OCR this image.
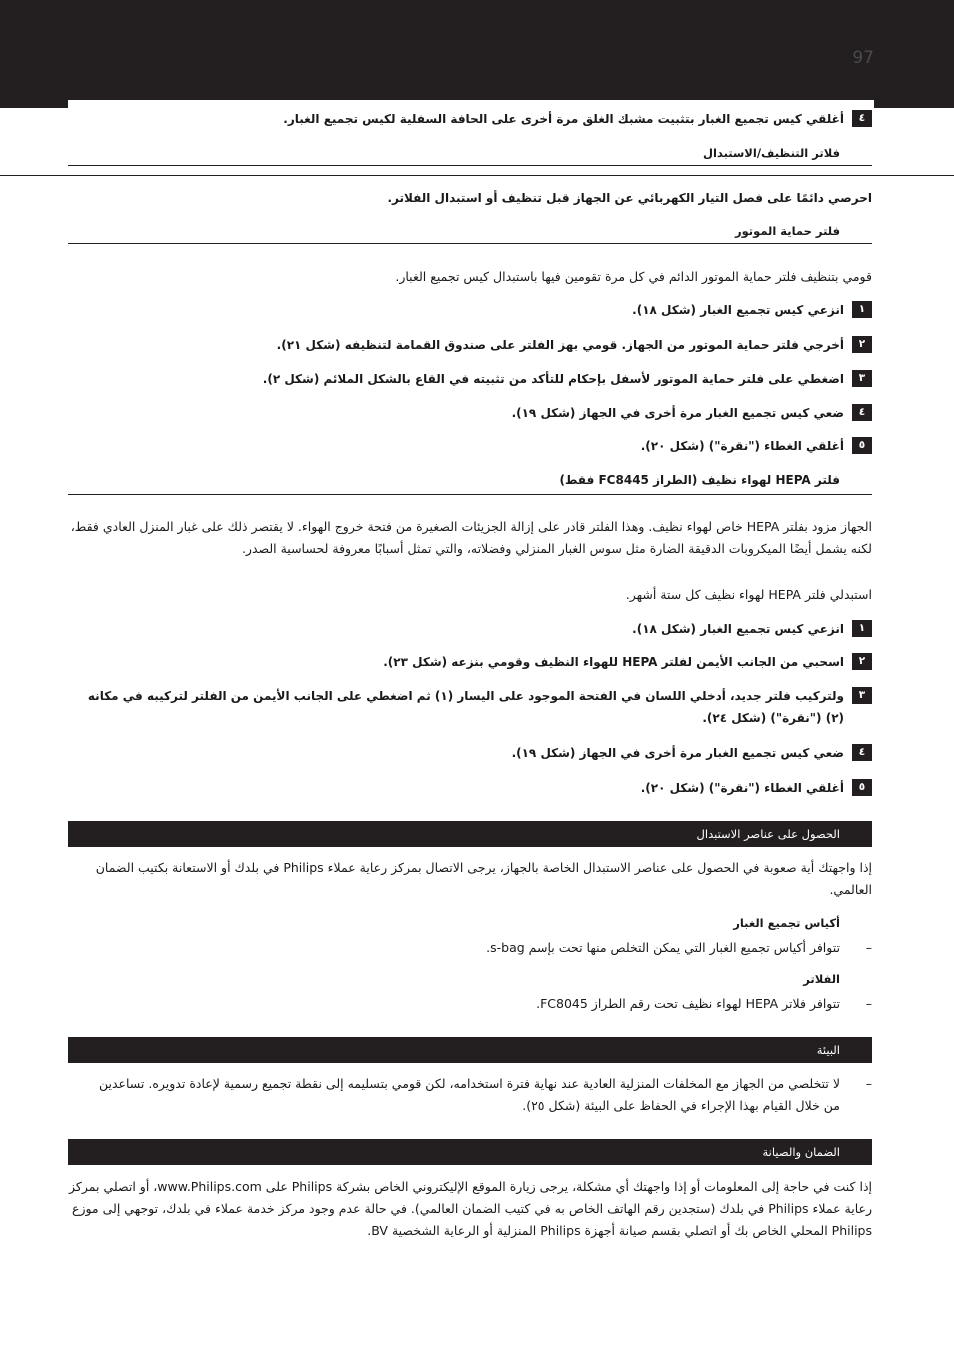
97
٤
أغلقي كيس تجميع الغبار بتثبيت مشبك الغلق مرة أخرى على الحافة السفلية لكيس تجميع الغبار.
فلاتر التنظيف/الاستبدال
احرصي دائمًا على فصل التيار الكهربائي عن الجهاز قبل تنظيف أو استبدال الفلاتر.
فلتر حماية الموتور
قومي بتنظيف فلتر حماية الموتور الدائم في كل مرة تقومين فيها باستبدال كيس تجميع الغبار.
١
انزعي كيس تجميع الغبار (شكل ١٨).
٢
أخرجي فلتر حماية الموتور من الجهاز. قومي بهز الفلتر على صندوق القمامة لتنظيفه (شكل ٢١).
٣
اضغطي على فلتر حماية الموتور لأسفل بإحكام للتأكد من تثبيته في القاع بالشكل الملائم (شكل ٢).
٤
ضعي كيس تجميع الغبار مرة أخرى في الجهاز (شكل ١٩).
٥
أغلقي الغطاء ("نقرة") (شكل ٢٠).
فلتر HEPA لهواء نظيف (الطراز FC8445 فقط)
الجهاز مزود بفلتر HEPA خاص لهواء نظيف. وهذا الفلتر قادر على إزالة الجزيئات الصغيرة من فتحة خروج الهواء. لا يقتصر ذلك على غبار المنزل العادي فقط، لكنه يشمل أيضًا الميكروبات الدقيقة الضارة مثل سوس الغبار المنزلي وفضلاته، والتي تمثل أسبابًا معروفة لحساسية الصدر.
استبدلي فلتر HEPA لهواء نظيف كل ستة أشهر.
١
انزعي كيس تجميع الغبار (شكل ١٨).
٢
اسحبي من الجانب الأيمن لفلتر HEPA للهواء النظيف وقومي بنزعه (شكل ٢٣).
٣
ولتركيب فلتر جديد، أدخلي اللسان في الفتحة الموجود على اليسار (١) ثم اضغطي على الجانب الأيمن من الفلتر لتركيبه في مكانه (٢) ("نقرة") (شكل ٢٤).
٤
ضعي كيس تجميع الغبار مرة أخرى في الجهاز (شكل ١٩).
٥
أغلقي الغطاء ("نقرة") (شكل ٢٠).
الحصول على عناصر الاستبدال
إذا واجهتك أية صعوبة في الحصول على عناصر الاستبدال الخاصة بالجهاز، يرجى الاتصال بمركز رعاية عملاء Philips في بلدك أو الاستعانة بكتيب الضمان العالمي.
أكياس تجميع الغبار
–
تتوافر أكياس تجميع الغبار التي يمكن التخلص منها تحت بإسم s-bag.
الفلاتر
–
تتوافر فلاتر HEPA لهواء نظيف تحت رقم الطراز FC8045.
البيئة
–
لا تتخلصي من الجهاز مع المخلفات المنزلية العادية عند نهاية فترة استخدامه، لكن قومي بتسليمه إلى نقطة تجميع رسمية لإعادة تدويره. تساعدين من خلال القيام بهذا الإجراء في الحفاظ على البيئة (شكل ٢٥).
الضمان والصيانة
إذا كنت في حاجة إلى المعلومات أو إذا واجهتك أي مشكلة، يرجى زيارة الموقع الإليكتروني الخاص بشركة Philips على www.Philips.com، أو اتصلي بمركز رعاية عملاء Philips في بلدك (ستجدين رقم الهاتف الخاص به في كتيب الضمان العالمي). في حالة عدم وجود مركز خدمة عملاء في بلدك، توجهي إلى موزع Philips المحلي الخاص بك أو اتصلي بقسم صيانة أجهزة Philips المنزلية أو الرعاية الشخصية BV.
